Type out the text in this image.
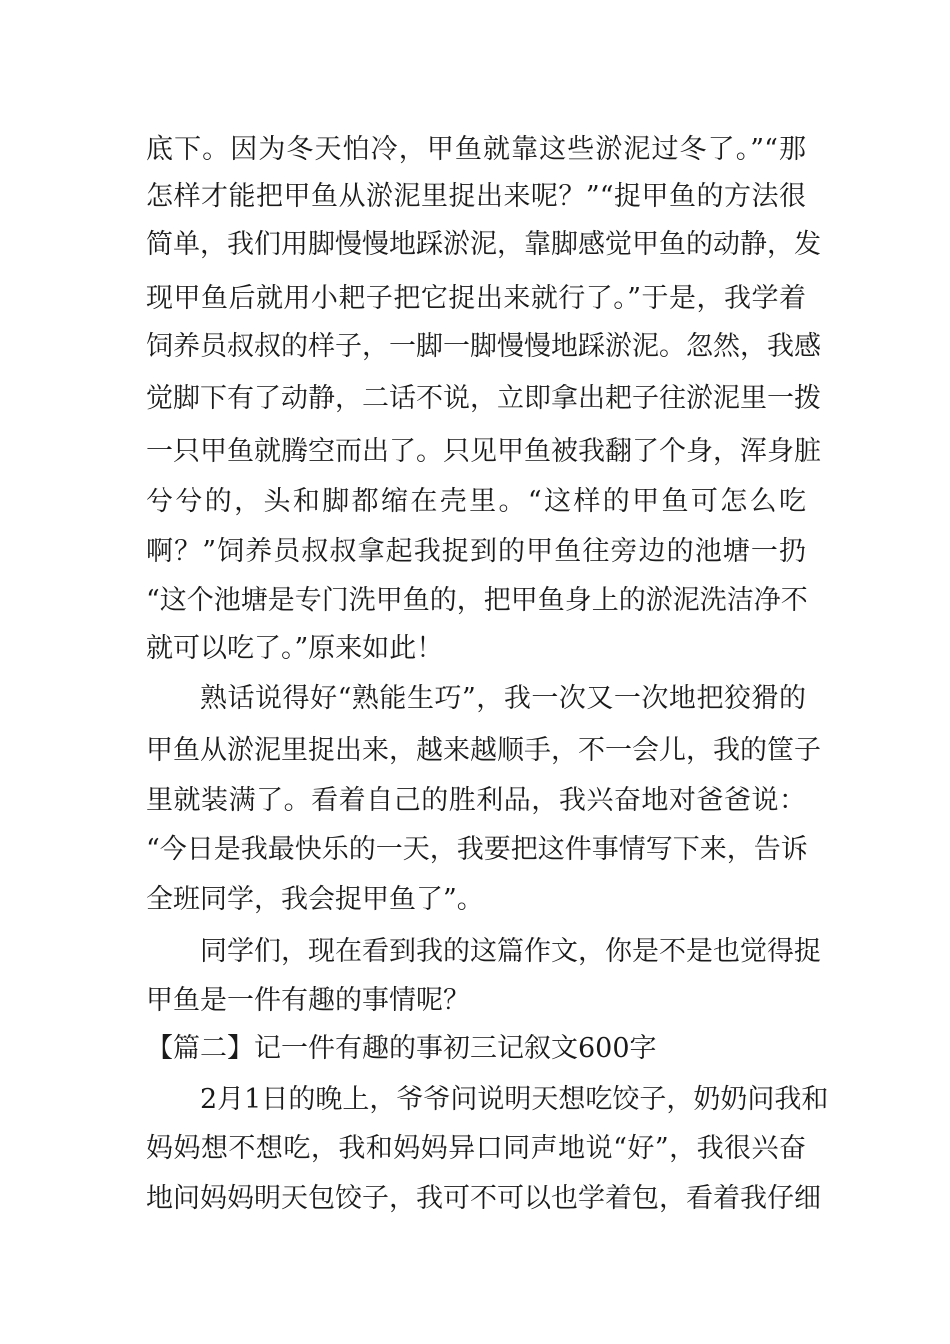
底下。因为冬天怕冷，甲鱼就靠这些淤泥过冬了。”“那
怎样才能把甲鱼从淤泥里捉出来呢？”“捉甲鱼的方法很
简单，我们用脚慢慢地踩淤泥，靠脚感觉甲鱼的动静，发
现甲鱼后就用小耙子把它捉出来就行了。”于是，我学着
饲养员叔叔的样子，一脚一脚慢慢地踩淤泥。忽然，我感
觉脚下有了动静，二话不说，立即拿出耙子往淤泥里一拨
一只甲鱼就腾空而出了。只见甲鱼被我翻了个身，浑身脏
兮兮的，头和脚都缩在壳里。“这样的甲鱼可怎么吃
啊？”饲养员叔叔拿起我捉到的甲鱼往旁边的池塘一扔
“这个池塘是专门洗甲鱼的，把甲鱼身上的淤泥洗洁净不
就可以吃了。”原来如此！
熟话说得好“熟能生巧”，我一次又一次地把狡猾的
甲鱼从淤泥里捉出来，越来越顺手，不一会儿，我的筐子
里就装满了。看着自己的胜利品，我兴奋地对爸爸说：
“今日是我最快乐的一天，我要把这件事情写下来，告诉
全班同学，我会捉甲鱼了”。
同学们，现在看到我的这篇作文，你是不是也觉得捉
甲鱼是一件有趣的事情呢？
【篇二】记一件有趣的事初三记叙文600字
2月1日的晚上，爷爷问说明天想吃饺子，奶奶问我和
妈妈想不想吃，我和妈妈异口同声地说“好”，我很兴奋
地问妈妈明天包饺子，我可不可以也学着包，看着我仔细
